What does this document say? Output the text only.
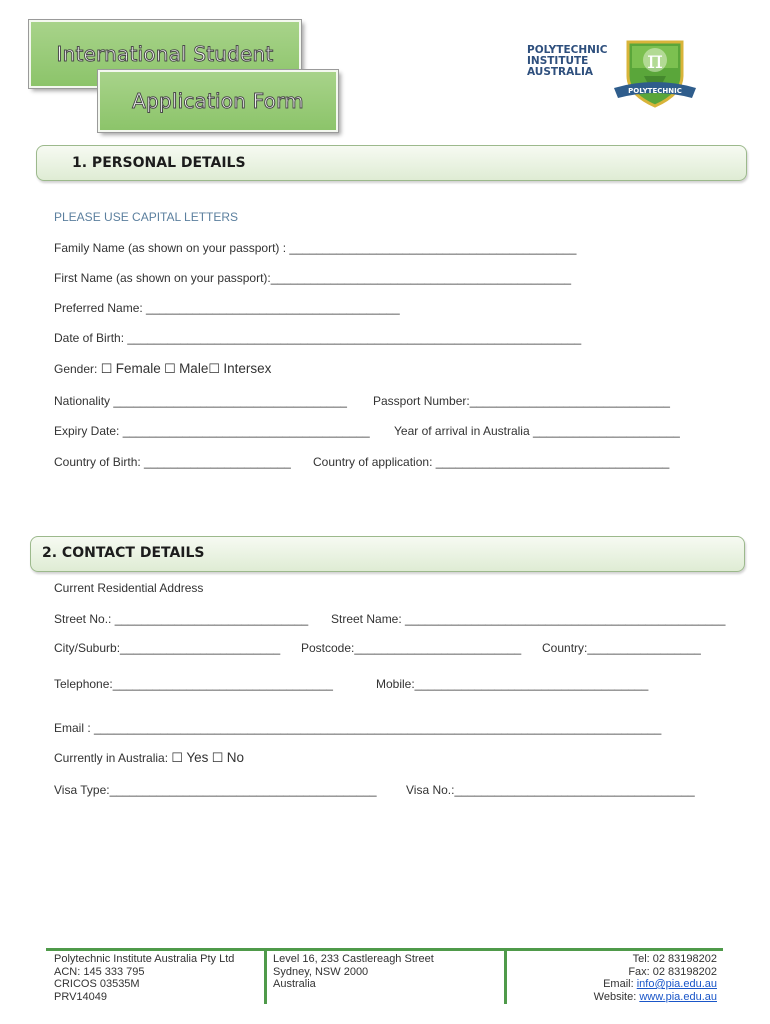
International Student
Application Form
POLYTECHNIC
INSTITUTE
AUSTRALIA	π
POLYTECHNIC
1. PERSONAL DETAILS
PLEASE USE CAPITAL LETTERS
Family Name (as shown on your passport) : ___________________________________________
First Name (as shown on your passport):_____________________________________________
Preferred Name: ______________________________________
Date of Birth: ____________________________________________________________________
Gender: ☐ Female ☐ Male☐ Intersex
Nationality ___________________________________ Passport Number:______________________________
Expiry Date: _____________________________________ Year of arrival in Australia ______________________
Country of Birth: ______________________ Country of application: ___________________________________
2. CONTACT DETAILS
Current Residential Address
Street No.: _____________________________ Street Name: ________________________________________________
City/Suburb:________________________ Postcode:_________________________ Country:_________________
Telephone:_________________________________	Mobile:___________________________________
Email : _____________________________________________________________________________________
Currently in Australia: ☐ Yes ☐ No
Visa Type:________________________________________ Visa No.:____________________________________
Polytechnic Institute Australia Pty Ltd
ACN: 145 333 795
CRICOS 03535M
PRV14049
Level 16, 233 Castlereagh Street
Sydney, NSW 2000
Australia
Tel: 02 83198202
Fax: 02 83198202
Email: info@pia.edu.au
Website: www.pia.edu.au
